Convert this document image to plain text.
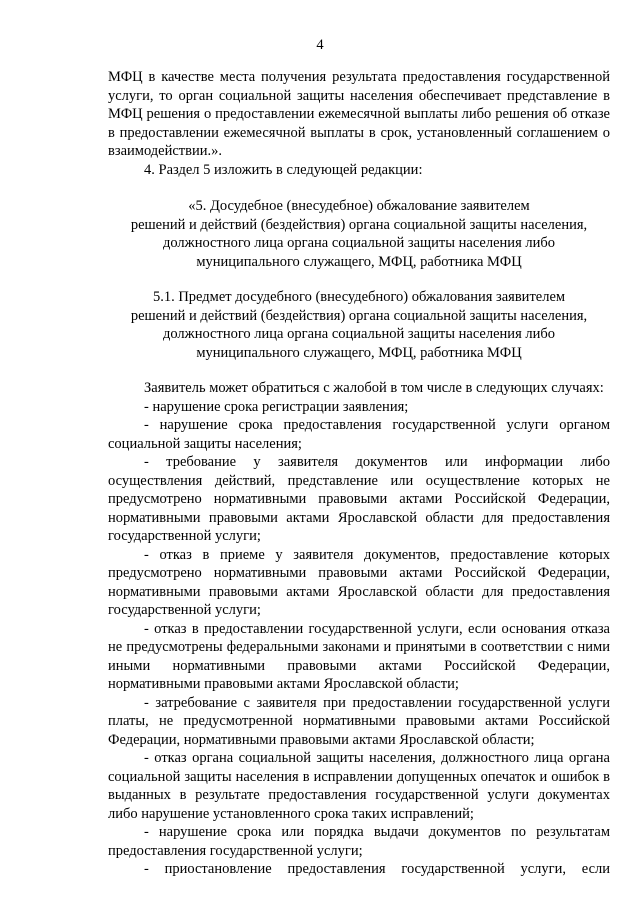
4

МФЦ в качестве места получения результата предоставления государственной услуги, то орган социальной защиты населения обеспечивает представление в МФЦ решения о предоставлении ежемесячной выплаты либо решения об отказе в предоставлении ежемесячной выплаты в срок, установленный соглашением о взаимодействии.».

4. Раздел 5 изложить в следующей редакции:

«5. Досудебное (внесудебное) обжалование заявителем

решений и действий (бездействия) органа социальной защиты населения,

должностного лица органа социальной защиты населения либо

муниципального служащего, МФЦ, работника МФЦ

5.1. Предмет досудебного (внесудебного) обжалования заявителем

решений и действий (бездействия) органа социальной защиты населения,

должностного лица органа социальной защиты населения либо

муниципального служащего, МФЦ, работника МФЦ

Заявитель может обратиться с жалобой в том числе в следующих случаях:

- нарушение срока регистрации заявления;

- нарушение срока предоставления государственной услуги органом социальной защиты населения;

- требование у заявителя документов или информации либо осуществления действий, представление или осуществление которых не предусмотрено нормативными правовыми актами Российской Федерации, нормативными правовыми актами Ярославской области для предоставления государственной услуги;

- отказ в приеме у заявителя документов, предоставление которых предусмотрено нормативными правовыми актами Российской Федерации, нормативными правовыми актами Ярославской области для предоставления государственной услуги;

- отказ в предоставлении государственной услуги, если основания отказа не предусмотрены федеральными законами и принятыми в соответствии с ними иными нормативными правовыми актами Российской Федерации, нормативными правовыми актами Ярославской области;

- затребование с заявителя при предоставлении государственной услуги платы, не предусмотренной нормативными правовыми актами Российской Федерации, нормативными правовыми актами Ярославской области;

- отказ органа социальной защиты населения, должностного лица органа социальной защиты населения в исправлении допущенных опечаток и ошибок в выданных в результате предоставления государственной услуги документах либо нарушение установленного срока таких исправлений;

- нарушение срока или порядка выдачи документов по результатам предоставления государственной услуги;

- приостановление предоставления государственной услуги, если
